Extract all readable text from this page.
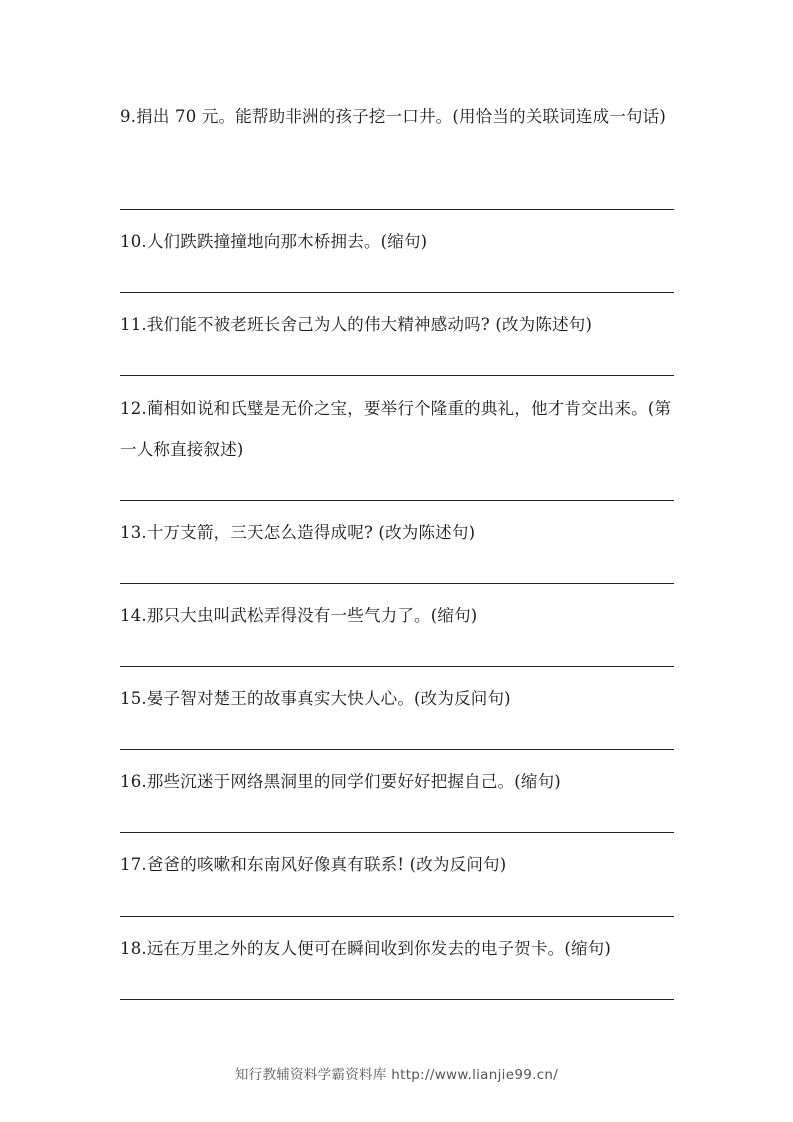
9.捐出 70 元。能帮助非洲的孩子挖一口井。(用恰当的关联词连成一句话)

10.人们跌跌撞撞地向那木桥拥去。(缩句)

11.我们能不被老班长舍己为人的伟大精神感动吗? (改为陈述句)

12.蔺相如说和氏璧是无价之宝，要举行个隆重的典礼，他才肯交出来。(第一人称直接叙述)

13.十万支箭，三天怎么造得成呢? (改为陈述句)

14.那只大虫叫武松弄得没有一些气力了。(缩句)

15.晏子智对楚王的故事真实大快人心。(改为反问句)

16.那些沉迷于网络黑洞里的同学们要好好把握自己。(缩句)

17.爸爸的咳嗽和东南风好像真有联系! (改为反问句)

18.远在万里之外的友人便可在瞬间收到你发去的电子贺卡。(缩句)

知行教辅资料学霸资料库 http://www.lianjie99.cn/
